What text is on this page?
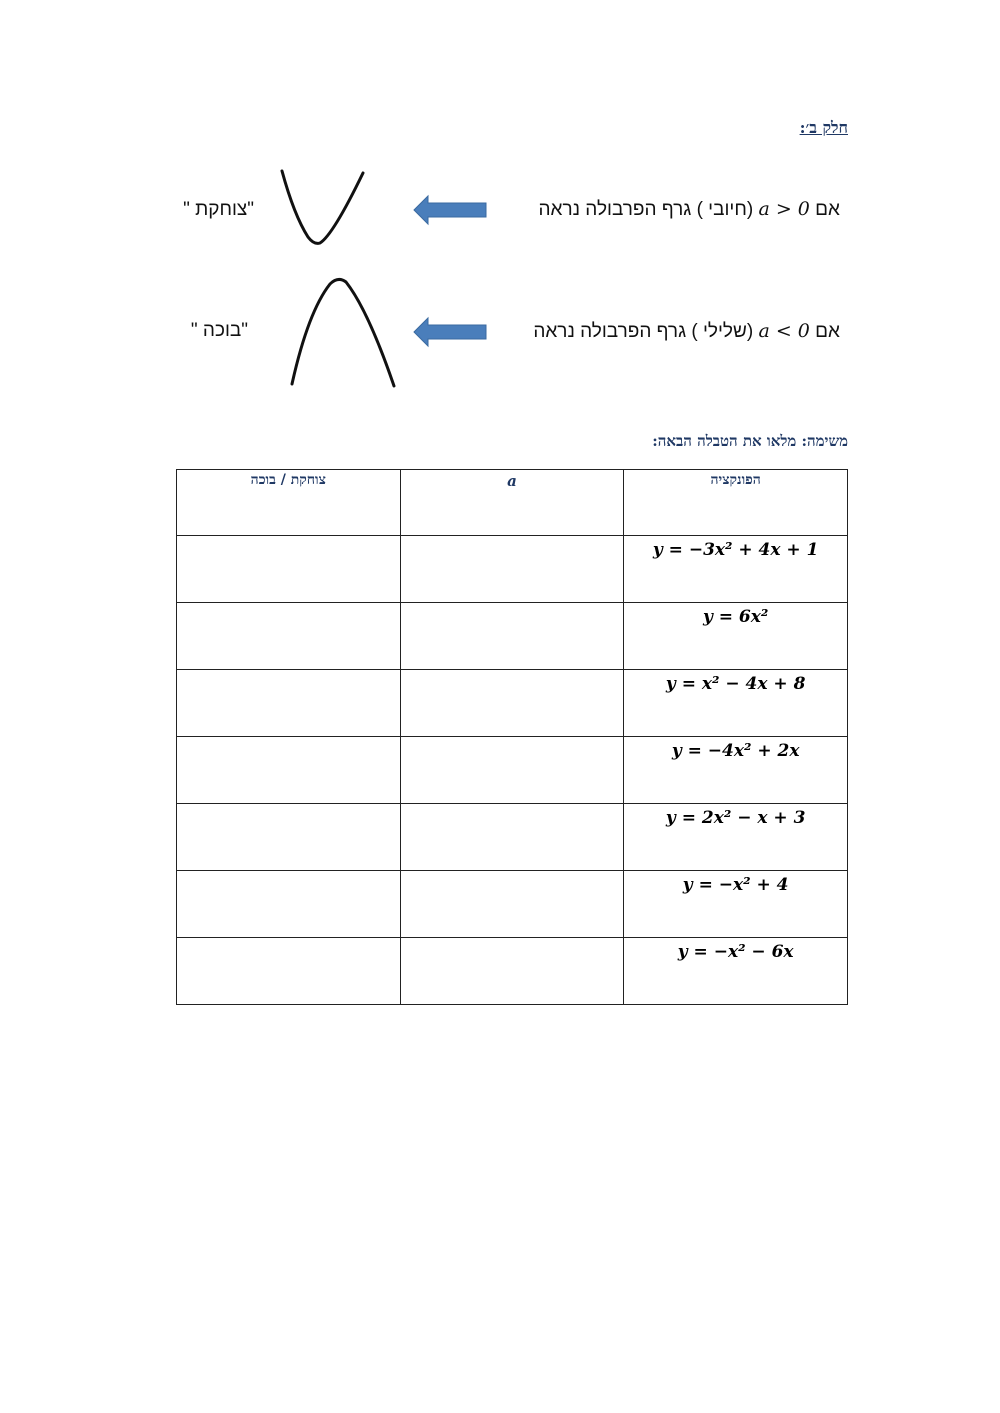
חלק ב׳:
אם a > 0 (חיובי ) גרף הפרבולה נראה
"צוחקת "
אם a < 0 (שלילי ) גרף הפרבולה נראה
"בוכה "
משימה: מלאו את הטבלה הבאה:
צוחקת / בוכה	a	הפונקציה
		y = −3x² + 4x + 1
		y = 6x²
		y = x² − 4x + 8
		y = −4x² + 2x
		y = 2x² − x + 3
		y = −x² + 4
		y = −x² − 6x
